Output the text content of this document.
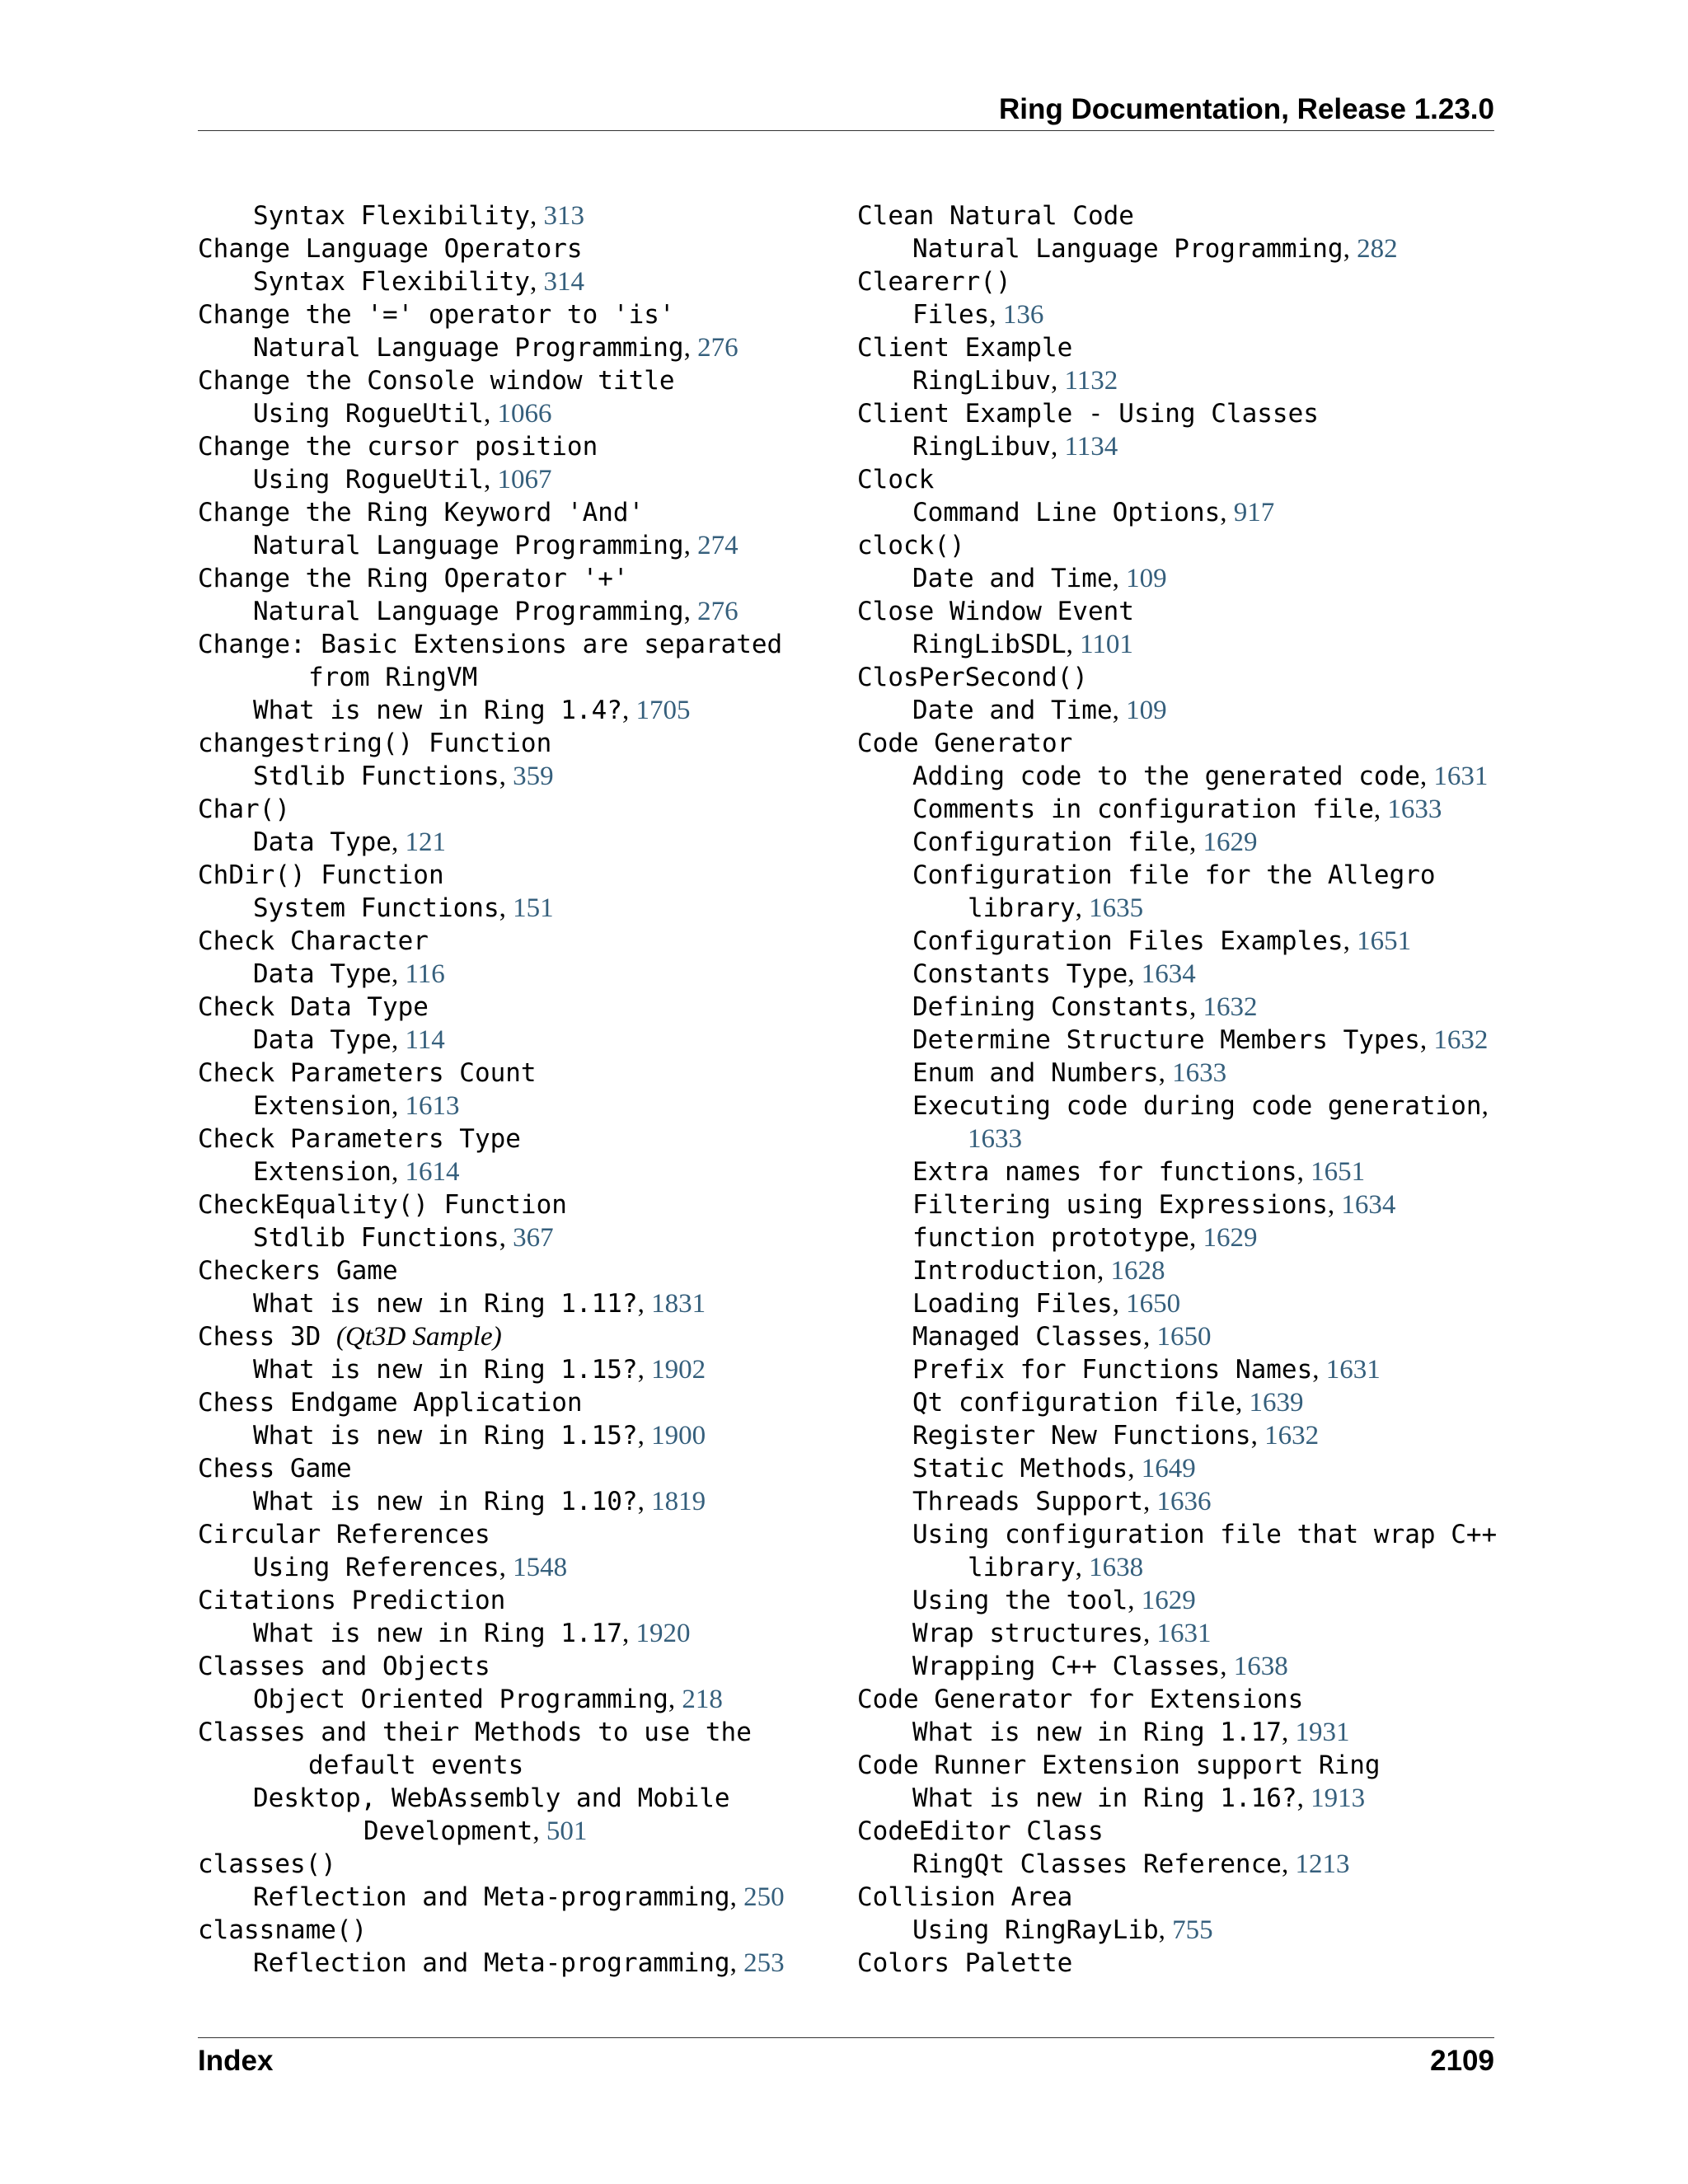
Ring Documentation, Release 1.23.0
Syntax Flexibility, 313
Change Language Operators
Syntax Flexibility, 314
Change the '=' operator to 'is'
Natural Language Programming, 276
Change the Console window title
Using RogueUtil, 1066
Change the cursor position
Using RogueUtil, 1067
Change the Ring Keyword 'And'
Natural Language Programming, 274
Change the Ring Operator '+'
Natural Language Programming, 276
Change: Basic Extensions are separated
from RingVM
What is new in Ring 1.4?, 1705
changestring() Function
Stdlib Functions, 359
Char()
Data Type, 121
ChDir() Function
System Functions, 151
Check Character
Data Type, 116
Check Data Type
Data Type, 114
Check Parameters Count
Extension, 1613
Check Parameters Type
Extension, 1614
CheckEquality() Function
Stdlib Functions, 367
Checkers Game
What is new in Ring 1.11?, 1831
Chess 3D (Qt3D Sample)
What is new in Ring 1.15?, 1902
Chess Endgame Application
What is new in Ring 1.15?, 1900
Chess Game
What is new in Ring 1.10?, 1819
Circular References
Using References, 1548
Citations Prediction
What is new in Ring 1.17, 1920
Classes and Objects
Object Oriented Programming, 218
Classes and their Methods to use the
default events
Desktop, WebAssembly and Mobile
Development, 501
classes()
Reflection and Meta-programming, 250
classname()
Reflection and Meta-programming, 253
Clean Natural Code
Natural Language Programming, 282
Clearerr()
Files, 136
Client Example
RingLibuv, 1132
Client Example - Using Classes
RingLibuv, 1134
Clock
Command Line Options, 917
clock()
Date and Time, 109
Close Window Event
RingLibSDL, 1101
ClosPerSecond()
Date and Time, 109
Code Generator
Adding code to the generated code, 1631
Comments in configuration file, 1633
Configuration file, 1629
Configuration file for the Allegro
library, 1635
Configuration Files Examples, 1651
Constants Type, 1634
Defining Constants, 1632
Determine Structure Members Types, 1632
Enum and Numbers, 1633
Executing code during code generation,
1633
Extra names for functions, 1651
Filtering using Expressions, 1634
function prototype, 1629
Introduction, 1628
Loading Files, 1650
Managed Classes, 1650
Prefix for Functions Names, 1631
Qt configuration file, 1639
Register New Functions, 1632
Static Methods, 1649
Threads Support, 1636
Using configuration file that wrap C++
library, 1638
Using the tool, 1629
Wrap structures, 1631
Wrapping C++ Classes, 1638
Code Generator for Extensions
What is new in Ring 1.17, 1931
Code Runner Extension support Ring
What is new in Ring 1.16?, 1913
CodeEditor Class
RingQt Classes Reference, 1213
Collision Area
Using RingRayLib, 755
Colors Palette
Index	2109
